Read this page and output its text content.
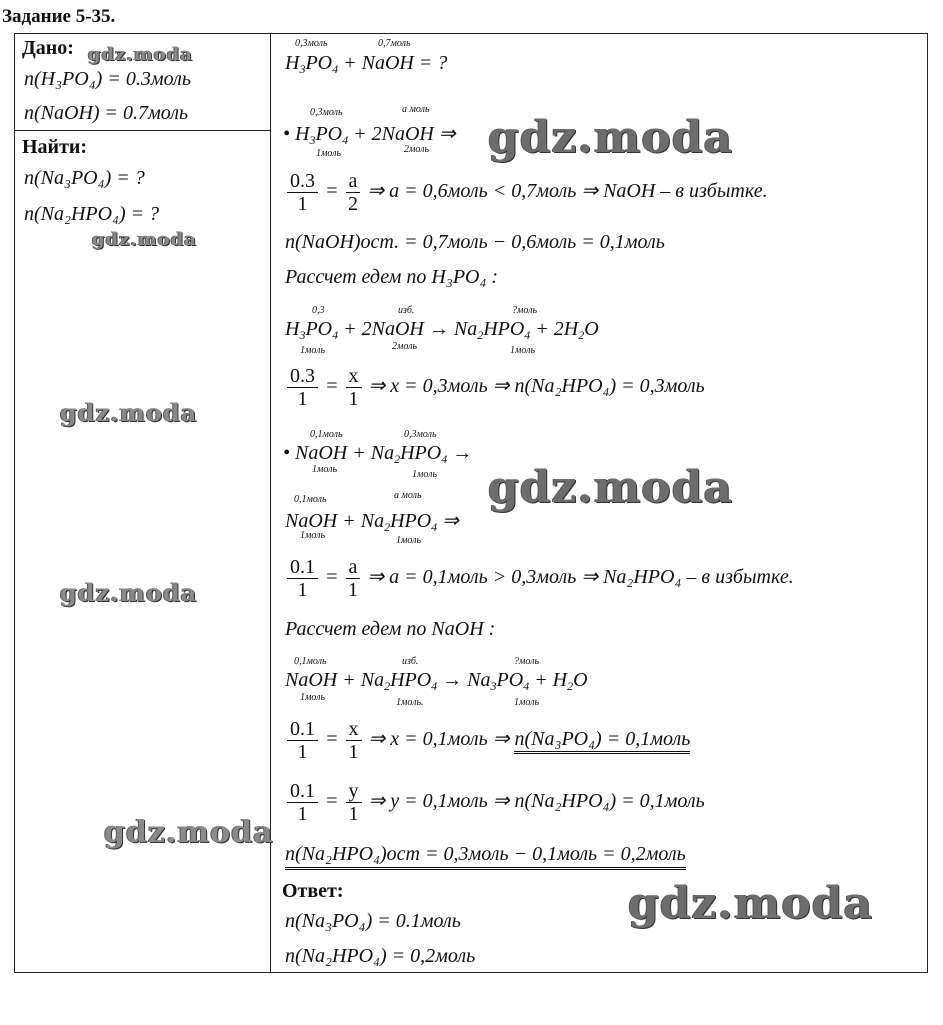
Задание 5-35.
Дано:
n(H₃PO₄) = 0.3моль
n(NaOH) = 0.7моль
Найти:
n(Na₃PO₄) = ?
n(Na₂HPO₄) = ?
gdz.moda
gdz.moda
gdz.moda
gdz.moda
gdz.moda
gdz.moda
gdz.moda
gdz.moda
0,3моль	0,7моль
$H_3PO_4$ + NaOH = ?
0,3моль	а моль
• $H_3PO_4$ + 2NaOH ⇒
1моль	2моль
$\frac{0.3}{1} = \frac{a}{2}$ ⇒ a = 0,6моль < 0,7моль ⇒ NaOH – в избытке.
n(NaOH)ост. = 0,7моль − 0,6моль = 0,1моль
Рассчет едем по H₃PO₄ :
0,3	изб.	?моль
$H_3PO_4$ + 2NaOH → $Na_2HPO_4 + 2H_2O$
1моль	2моль	1моль
$\frac{0.3}{1} = \frac{x}{1}$ ⇒ x = 0,3моль ⇒ n(Na₂HPO₄) = 0,3моль
0,1моль	0,3моль
• NaOH + $Na_2HPO_4$ →
1моль	1моль
0,1моль	а моль
NaOH + $Na_2HPO_4$ ⇒
1моль	1моль
$\frac{0.1}{1} = \frac{a}{1}$ ⇒ a = 0,1моль > 0,3моль ⇒ Na₂HPO₄ – в избытке.
Рассчет едем по NaOH :
0,1моль	изб.	?моль
NaOH + $Na_2HPO_4 \to Na_3PO_4 + H_2O$
1моль	1моль.	1моль
$\frac{0.1}{1} = \frac{x}{1}$ ⇒ x = 0,1моль ⇒ n(Na₃PO₄) = 0,1моль
$\frac{0.1}{1} = \frac{y}{1}$ ⇒ y = 0,1моль ⇒ n(Na₂HPO₄) = 0,1моль
n(Na₂HPO₄)ост = 0,3моль − 0,1моль = 0,2моль
Ответ:
n(Na₃PO₄) = 0.1моль
n(Na₂HPO₄) = 0,2моль
